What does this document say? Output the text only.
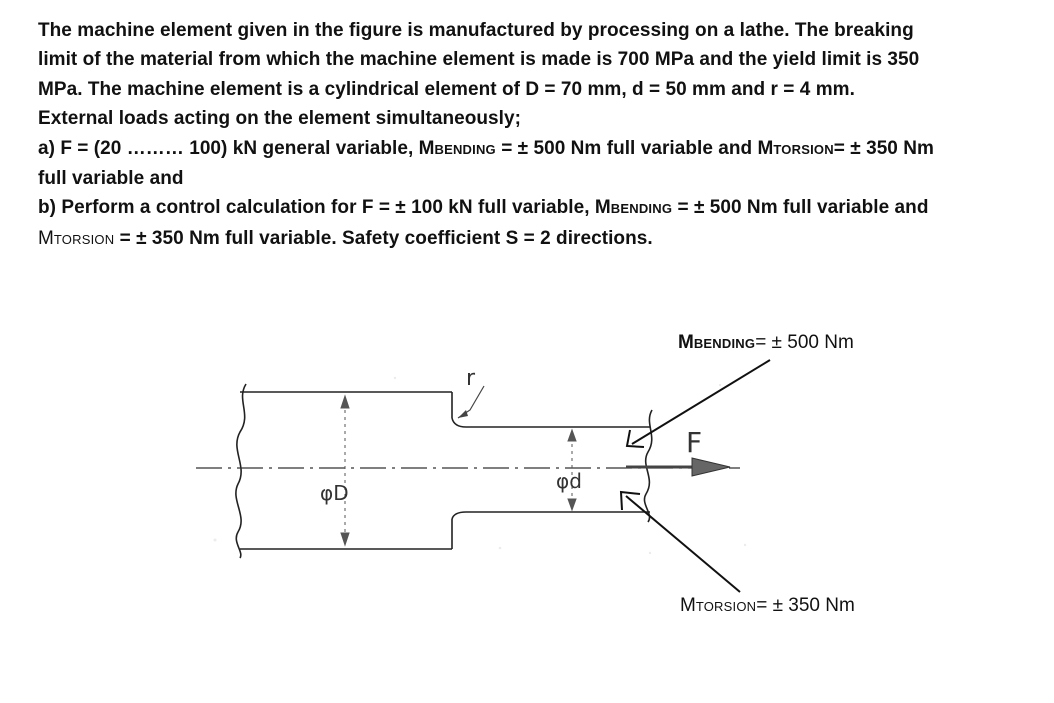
The machine element given in the figure is manufactured by processing on a lathe. The breaking
limit of the material from which the machine element is made is 700 MPa and the yield limit is 350
MPa. The machine element is a cylindrical element of D = 70 mm, d = 50 mm and r = 4 mm.
External loads acting on the element simultaneously;
a) F = (20 ……… 100) kN general variable, MBENDING = ± 500 Nm full variable and MTORSION= ± 350 Nm
full variable and
b) Perform a control calculation for F = ± 100 kN full variable, MBENDING = ± 500 Nm full variable and
MTORSION = ± 350 Nm full variable. Safety coefficient S = 2 directions.
φD	φd
r
F
MBENDING= ± 500 Nm
MTORSION= ± 350 Nm
